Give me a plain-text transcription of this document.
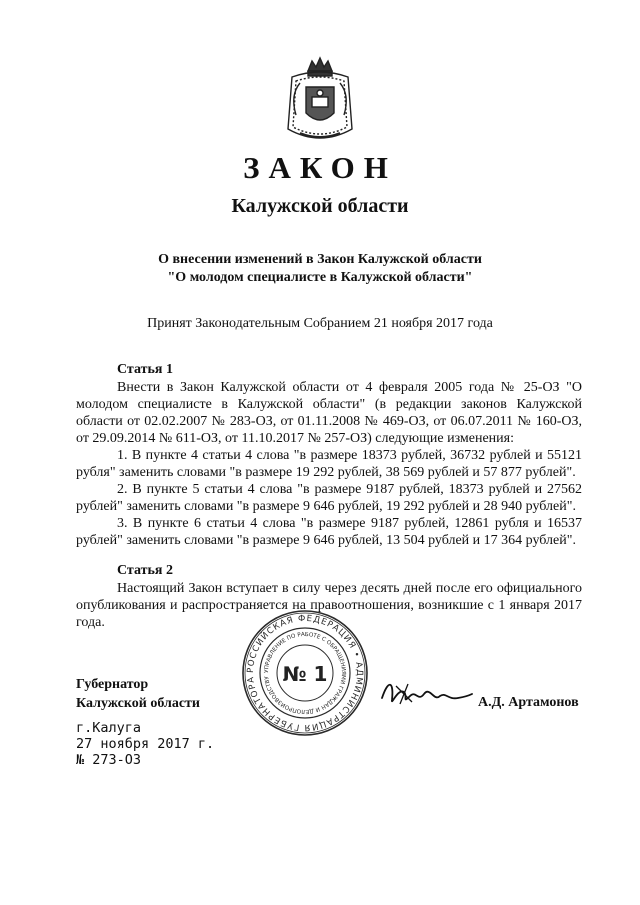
ЗАКОН
Калужской области
О внесении изменений в Закон Калужской области
"О молодом специалисте в Калужской области"
Принят Законодательным Собранием 21 ноября 2017 года
Статья 1
Внести в Закон Калужской области от 4 февраля 2005 года № 25-ОЗ "О молодом специалисте в Калужской области" (в редакции законов Калужской области от 02.02.2007 № 283-ОЗ, от 01.11.2008 № 469-ОЗ, от 06.07.2011 № 160-ОЗ, от 29.09.2014 № 611-ОЗ, от 11.10.2017 № 257-ОЗ) следующие изменения:
1. В пункте 4 статьи 4 слова "в размере 18373 рублей, 36732 рублей и 55121 рубля" заменить словами "в размере 19 292 рублей, 38 569 рублей и 57 877 рублей".
2. В пункте 5 статьи 4 слова "в размере 9187 рублей, 18373 рублей и 27562 рублей" заменить словами "в размере 9 646 рублей, 19 292 рублей и 28 940 рублей".
3. В пункте 6 статьи 4 слова "в размере 9187 рублей, 12861 рубля и 16537 рублей" заменить словами "в размере 9 646 рублей, 13 504 рублей и 17 364 рублей".
Статья 2
Настоящий Закон вступает в силу через десять дней после его официального опубликования и распространяется на правоотношения, возникшие с 1 января 2017 года.
РОССИЙСКАЯ ФЕДЕРАЦИЯ • АДМИНИСТРАЦИЯ ГУБЕРНАТОРА
УПРАВЛЕНИЕ ПО РАБОТЕ С ОБРАЩЕНИЯМИ ГРАЖДАН И ДЕЛОПРОИЗВОДСТВУ № 1
Губернатор
Калужской области	А.Д. Артамонов
г.Калуга
27 ноября 2017 г.
№ 273-ОЗ
